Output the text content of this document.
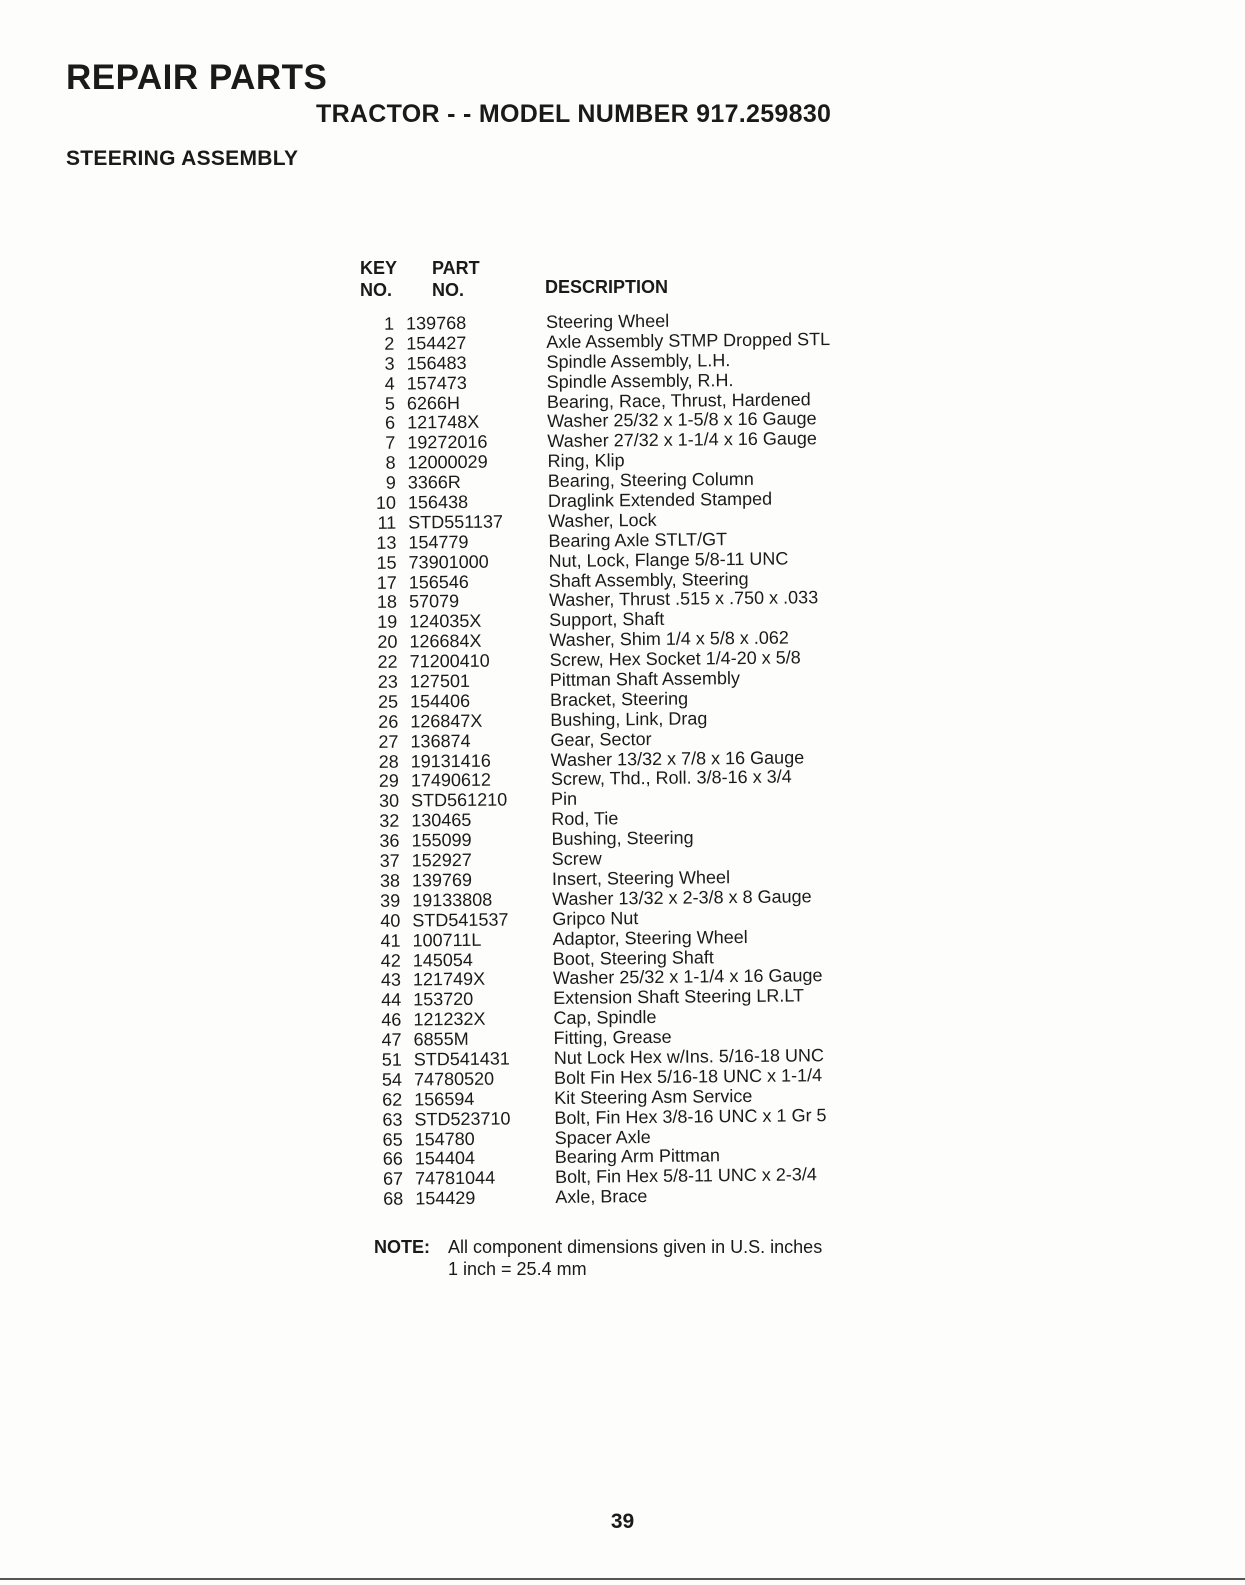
REPAIR PARTS
TRACTOR - - MODEL NUMBER 917.259830
STEERING ASSEMBLY
KEY
NO.
PART
NO.	DESCRIPTION
1 139768	Steering Wheel
2 154427	Axle Assembly STMP Dropped STL
3 156483	Spindle Assembly, L.H.
4 157473	Spindle Assembly, R.H.
5 6266H	Bearing, Race, Thrust, Hardened
6 121748X	Washer 25/32 x 1-5/8 x 16 Gauge
7 19272016	Washer 27/32 x 1-1/4 x 16 Gauge
8 12000029	Ring, Klip
9 3366R	Bearing, Steering Column
10 156438	Draglink Extended Stamped
11 STD551137	Washer, Lock
13 154779	Bearing Axle STLT/GT
15 73901000	Nut, Lock, Flange 5/8-11 UNC
17 156546	Shaft Assembly, Steering
18 57079	Washer, Thrust .515 x .750 x .033
19 124035X	Support, Shaft
20 126684X	Washer, Shim 1/4 x 5/8 x .062
22 71200410	Screw, Hex Socket 1/4-20 x 5/8
23 127501	Pittman Shaft Assembly
25 154406	Bracket, Steering
26 126847X	Bushing, Link, Drag
27 136874	Gear, Sector
28 19131416	Washer 13/32 x 7/8 x 16 Gauge
29 17490612	Screw, Thd., Roll. 3/8-16 x 3/4
30 STD561210 Pin
32 130465	Rod, Tie
36 155099	Bushing, Steering
37 152927	Screw
38 139769	Insert, Steering Wheel
39 19133808	Washer 13/32 x 2-3/8 x 8 Gauge
40 STD541537 Gripco Nut
41 100711L	Adaptor, Steering Wheel
42 145054	Boot, Steering Shaft
43 121749X	Washer 25/32 x 1-1/4 x 16 Gauge
44 153720	Extension Shaft Steering LR.LT
46 121232X	Cap, Spindle
47 6855M	Fitting, Grease
51 STD541431 Nut Lock Hex w/Ins. 5/16-18 UNC
54 74780520	Bolt Fin Hex 5/16-18 UNC x 1-1/4
62 156594	Kit Steering Asm Service
63 STD523710 Bolt, Fin Hex 3/8-16 UNC x 1 Gr 5
65 154780	Spacer Axle
66 154404	Bearing Arm Pittman
67 74781044	Bolt, Fin Hex 5/8-11 UNC x 2-3/4
68 154429	Axle, Brace
NOTE: All component dimensions given in U.S. inches
1 inch = 25.4 mm
39
